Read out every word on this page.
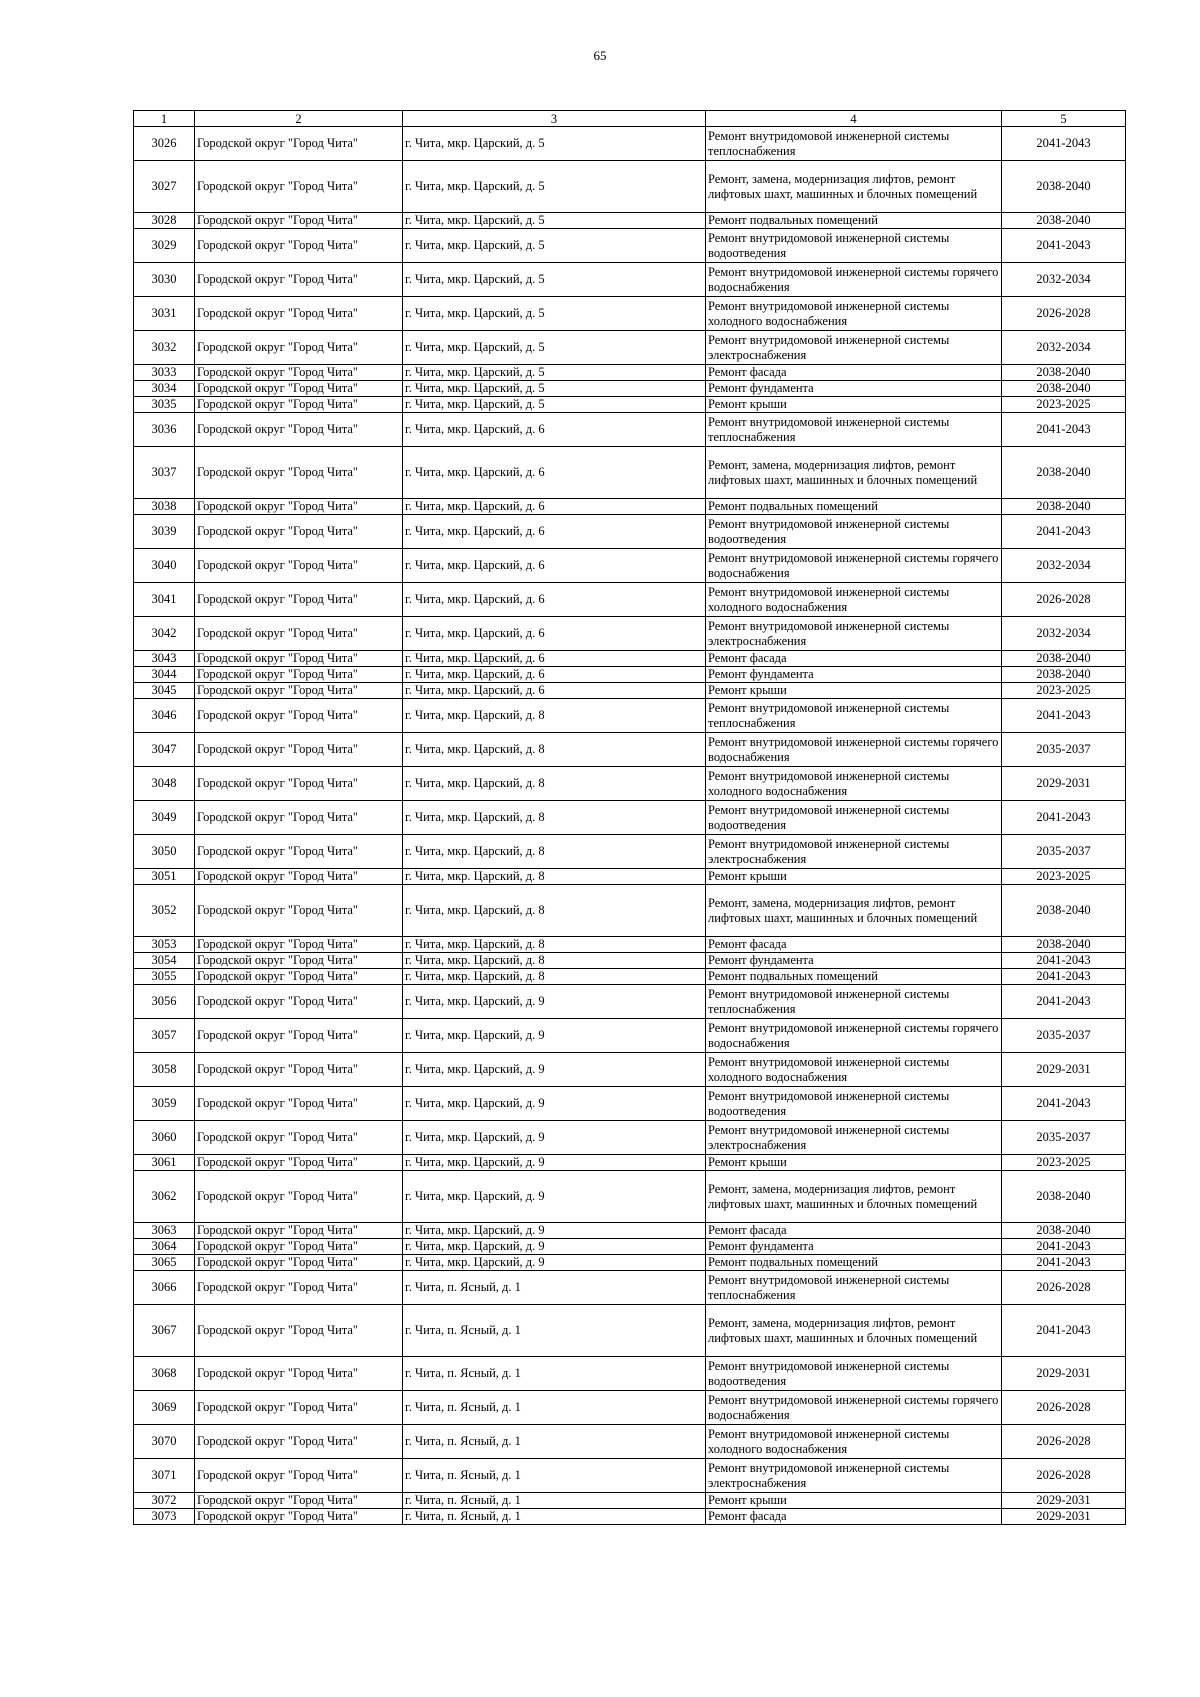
65
1	2	3	4	5
3026	Городской округ "Город Чита"	г. Чита, мкр. Царский, д. 5	Ремонт внутридомовой инженерной системы теплоснабжения	2041-2043
3027	Городской округ "Город Чита"	г. Чита, мкр. Царский, д. 5	Ремонт, замена, модернизация лифтов, ремонт лифтовых шахт, машинных и блочных помещений	2038-2040
3028	Городской округ "Город Чита"	г. Чита, мкр. Царский, д. 5	Ремонт подвальных помещений	2038-2040
3029	Городской округ "Город Чита"	г. Чита, мкр. Царский, д. 5	Ремонт внутридомовой инженерной системы водоотведения	2041-2043
3030	Городской округ "Город Чита"	г. Чита, мкр. Царский, д. 5	Ремонт внутридомовой инженерной системы горячего водоснабжения	2032-2034
3031	Городской округ "Город Чита"	г. Чита, мкр. Царский, д. 5	Ремонт внутридомовой инженерной системы холодного водоснабжения	2026-2028
3032	Городской округ "Город Чита"	г. Чита, мкр. Царский, д. 5	Ремонт внутридомовой инженерной системы электроснабжения	2032-2034
3033	Городской округ "Город Чита"	г. Чита, мкр. Царский, д. 5	Ремонт фасада	2038-2040
3034	Городской округ "Город Чита"	г. Чита, мкр. Царский, д. 5	Ремонт фундамента	2038-2040
3035	Городской округ "Город Чита"	г. Чита, мкр. Царский, д. 5	Ремонт крыши	2023-2025
3036	Городской округ "Город Чита"	г. Чита, мкр. Царский, д. 6	Ремонт внутридомовой инженерной системы теплоснабжения	2041-2043
3037	Городской округ "Город Чита"	г. Чита, мкр. Царский, д. 6	Ремонт, замена, модернизация лифтов, ремонт лифтовых шахт, машинных и блочных помещений	2038-2040
3038	Городской округ "Город Чита"	г. Чита, мкр. Царский, д. 6	Ремонт подвальных помещений	2038-2040
3039	Городской округ "Город Чита"	г. Чита, мкр. Царский, д. 6	Ремонт внутридомовой инженерной системы водоотведения	2041-2043
3040	Городской округ "Город Чита"	г. Чита, мкр. Царский, д. 6	Ремонт внутридомовой инженерной системы горячего водоснабжения	2032-2034
3041	Городской округ "Город Чита"	г. Чита, мкр. Царский, д. 6	Ремонт внутридомовой инженерной системы холодного водоснабжения	2026-2028
3042	Городской округ "Город Чита"	г. Чита, мкр. Царский, д. 6	Ремонт внутридомовой инженерной системы электроснабжения	2032-2034
3043	Городской округ "Город Чита"	г. Чита, мкр. Царский, д. 6	Ремонт фасада	2038-2040
3044	Городской округ "Город Чита"	г. Чита, мкр. Царский, д. 6	Ремонт фундамента	2038-2040
3045	Городской округ "Город Чита"	г. Чита, мкр. Царский, д. 6	Ремонт крыши	2023-2025
3046	Городской округ "Город Чита"	г. Чита, мкр. Царский, д. 8	Ремонт внутридомовой инженерной системы теплоснабжения	2041-2043
3047	Городской округ "Город Чита"	г. Чита, мкр. Царский, д. 8	Ремонт внутридомовой инженерной системы горячего водоснабжения	2035-2037
3048	Городской округ "Город Чита"	г. Чита, мкр. Царский, д. 8	Ремонт внутридомовой инженерной системы холодного водоснабжения	2029-2031
3049	Городской округ "Город Чита"	г. Чита, мкр. Царский, д. 8	Ремонт внутридомовой инженерной системы водоотведения	2041-2043
3050	Городской округ "Город Чита"	г. Чита, мкр. Царский, д. 8	Ремонт внутридомовой инженерной системы электроснабжения	2035-2037
3051	Городской округ "Город Чита"	г. Чита, мкр. Царский, д. 8	Ремонт крыши	2023-2025
3052	Городской округ "Город Чита"	г. Чита, мкр. Царский, д. 8	Ремонт, замена, модернизация лифтов, ремонт лифтовых шахт, машинных и блочных помещений	2038-2040
3053	Городской округ "Город Чита"	г. Чита, мкр. Царский, д. 8	Ремонт фасада	2038-2040
3054	Городской округ "Город Чита"	г. Чита, мкр. Царский, д. 8	Ремонт фундамента	2041-2043
3055	Городской округ "Город Чита"	г. Чита, мкр. Царский, д. 8	Ремонт подвальных помещений	2041-2043
3056	Городской округ "Город Чита"	г. Чита, мкр. Царский, д. 9	Ремонт внутридомовой инженерной системы теплоснабжения	2041-2043
3057	Городской округ "Город Чита"	г. Чита, мкр. Царский, д. 9	Ремонт внутридомовой инженерной системы горячего водоснабжения	2035-2037
3058	Городской округ "Город Чита"	г. Чита, мкр. Царский, д. 9	Ремонт внутридомовой инженерной системы холодного водоснабжения	2029-2031
3059	Городской округ "Город Чита"	г. Чита, мкр. Царский, д. 9	Ремонт внутридомовой инженерной системы водоотведения	2041-2043
3060	Городской округ "Город Чита"	г. Чита, мкр. Царский, д. 9	Ремонт внутридомовой инженерной системы электроснабжения	2035-2037
3061	Городской округ "Город Чита"	г. Чита, мкр. Царский, д. 9	Ремонт крыши	2023-2025
3062	Городской округ "Город Чита"	г. Чита, мкр. Царский, д. 9	Ремонт, замена, модернизация лифтов, ремонт лифтовых шахт, машинных и блочных помещений	2038-2040
3063	Городской округ "Город Чита"	г. Чита, мкр. Царский, д. 9	Ремонт фасада	2038-2040
3064	Городской округ "Город Чита"	г. Чита, мкр. Царский, д. 9	Ремонт фундамента	2041-2043
3065	Городской округ "Город Чита"	г. Чита, мкр. Царский, д. 9	Ремонт подвальных помещений	2041-2043
3066	Городской округ "Город Чита"	г. Чита, п. Ясный, д. 1	Ремонт внутридомовой инженерной системы теплоснабжения	2026-2028
3067	Городской округ "Город Чита"	г. Чита, п. Ясный, д. 1	Ремонт, замена, модернизация лифтов, ремонт лифтовых шахт, машинных и блочных помещений	2041-2043
3068	Городской округ "Город Чита"	г. Чита, п. Ясный, д. 1	Ремонт внутридомовой инженерной системы водоотведения	2029-2031
3069	Городской округ "Город Чита"	г. Чита, п. Ясный, д. 1	Ремонт внутридомовой инженерной системы горячего водоснабжения	2026-2028
3070	Городской округ "Город Чита"	г. Чита, п. Ясный, д. 1	Ремонт внутридомовой инженерной системы холодного водоснабжения	2026-2028
3071	Городской округ "Город Чита"	г. Чита, п. Ясный, д. 1	Ремонт внутридомовой инженерной системы электроснабжения	2026-2028
3072	Городской округ "Город Чита"	г. Чита, п. Ясный, д. 1	Ремонт крыши	2029-2031
3073	Городской округ "Город Чита"	г. Чита, п. Ясный, д. 1	Ремонт фасада	2029-2031
